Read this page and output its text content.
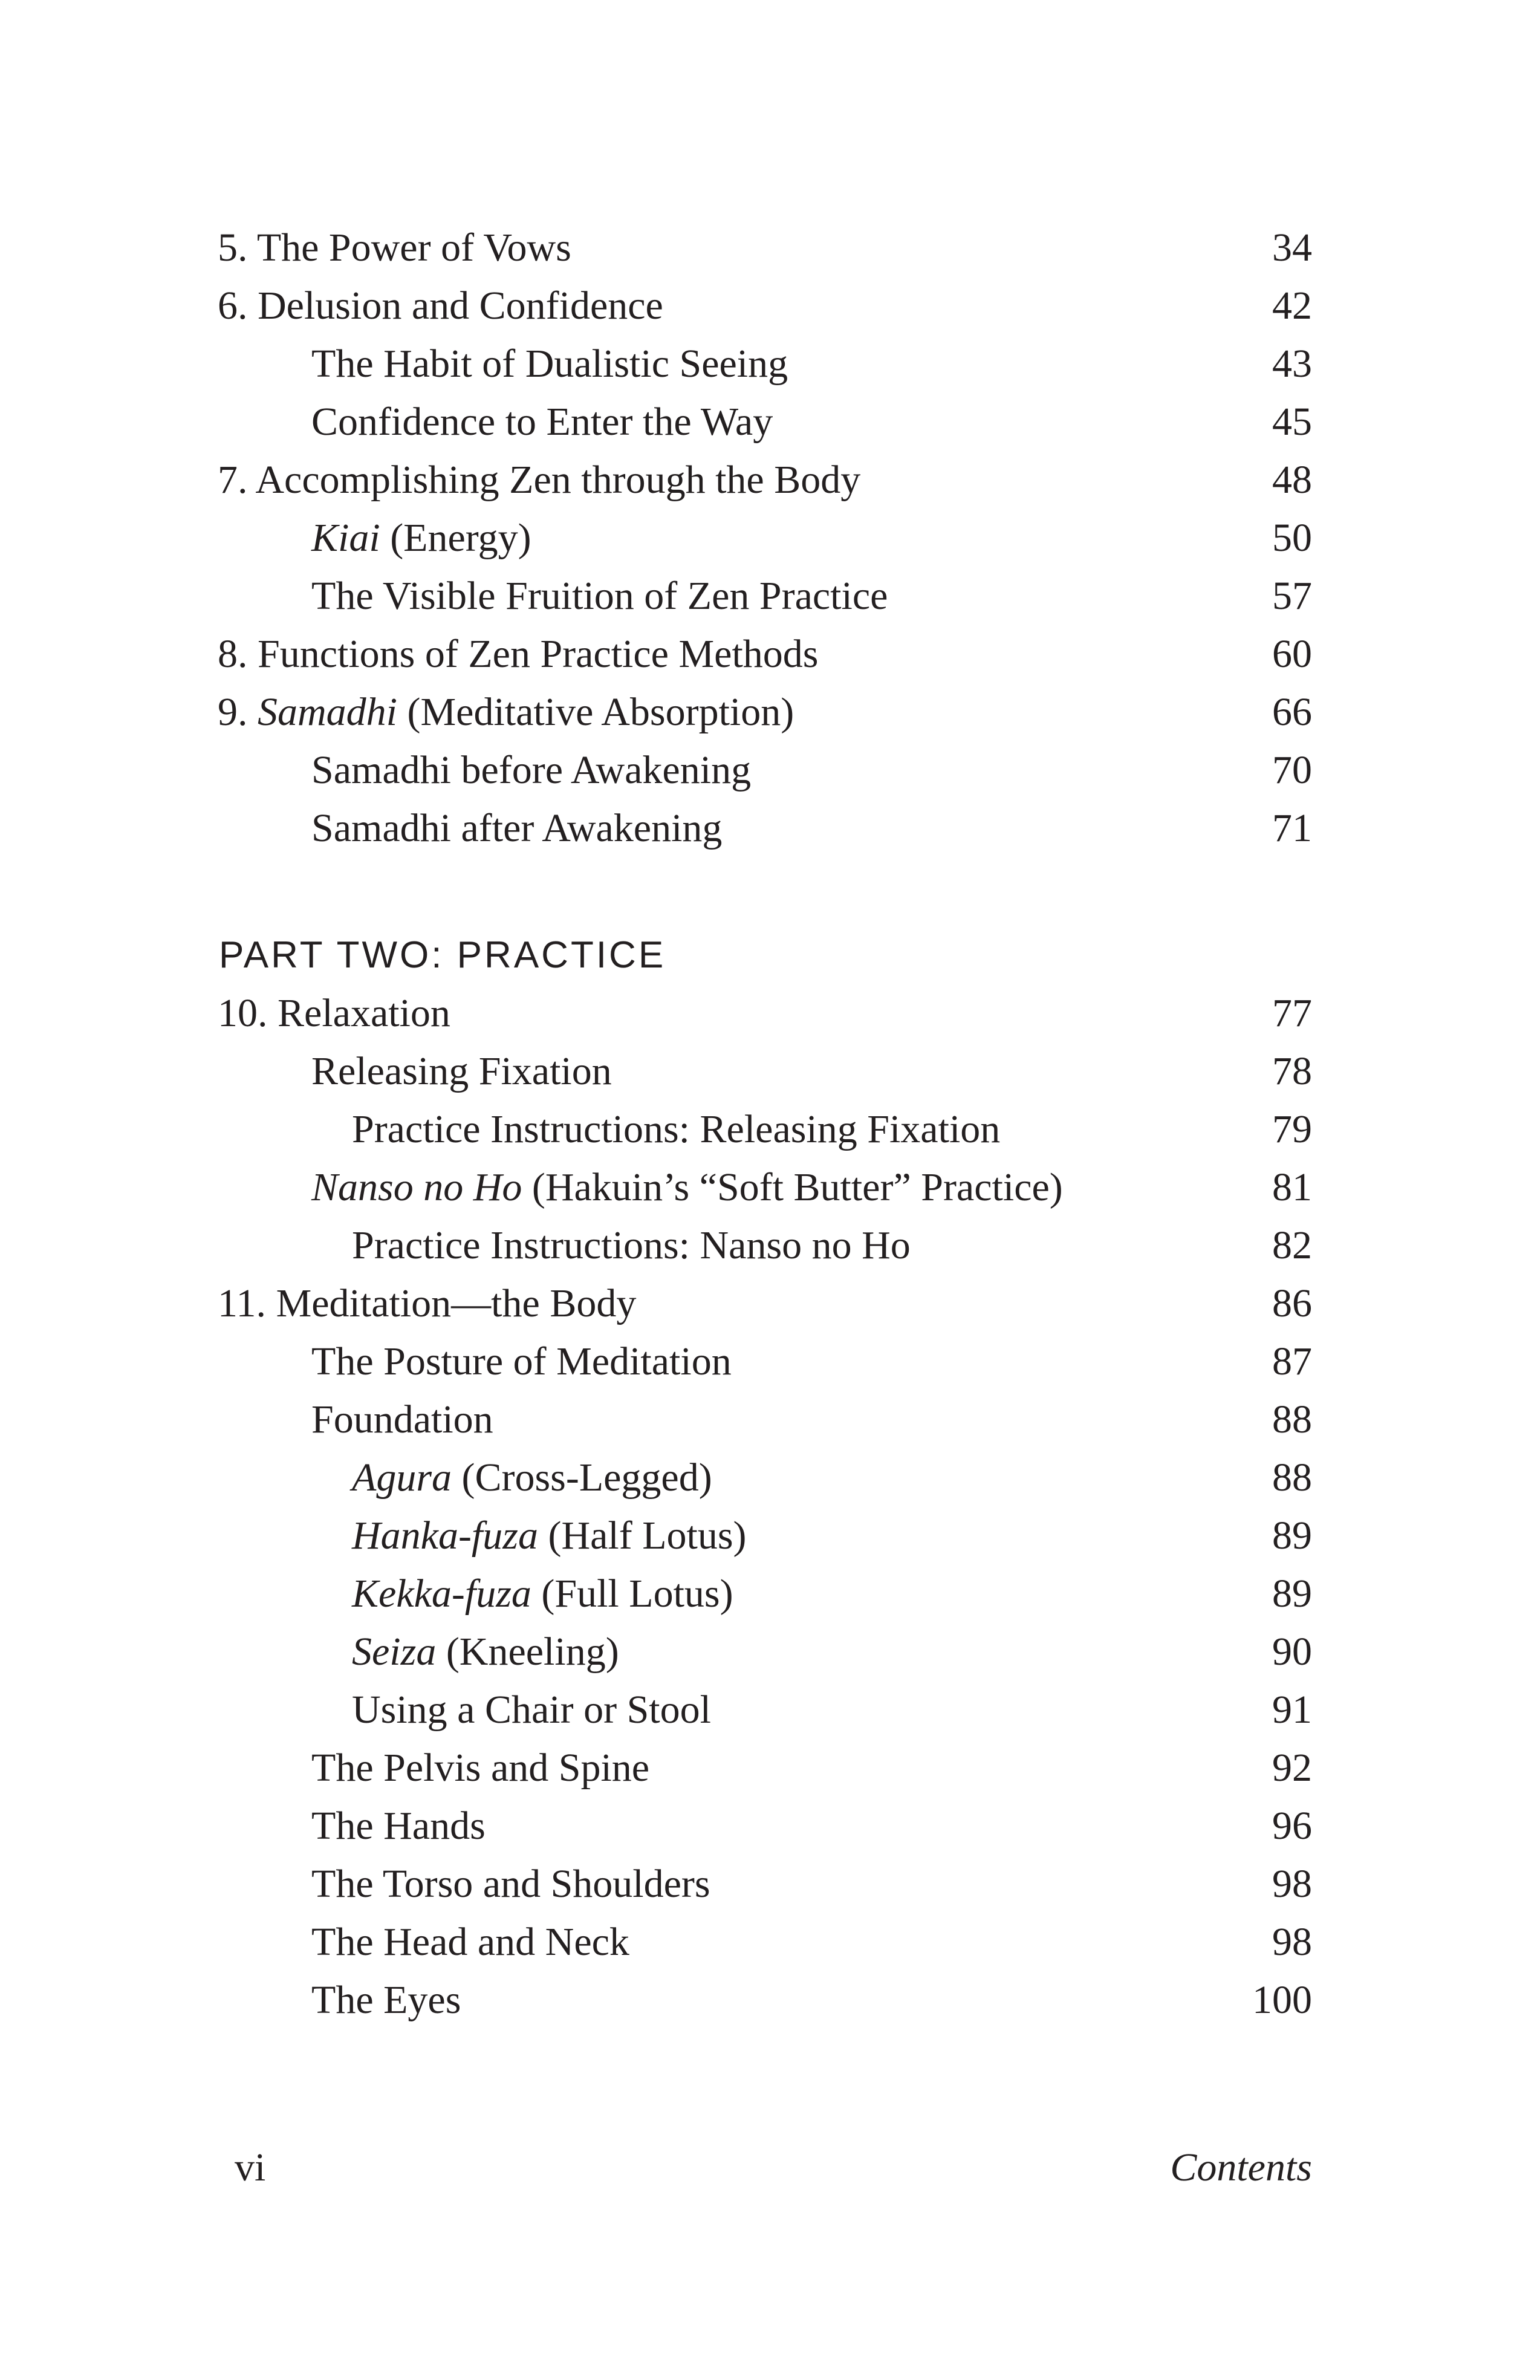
5. The Power of Vows	34
6. Delusion and Confidence	42
The Habit of Dualistic Seeing	43
Confidence to Enter the Way	45
7. Accomplishing Zen through the Body	48
Kiai (Energy)	50
The Visible Fruition of Zen Practice	57
8. Functions of Zen Practice Methods	60
9. Samadhi (Meditative Absorption)	66
Samadhi before Awakening	70
Samadhi after Awakening	71
PART TWO: PRACTICE
10. Relaxation	77
Releasing Fixation	78
Practice Instructions: Releasing Fixation	79
Nanso no Ho (Hakuin’s “Soft Butter” Practice)	81
Practice Instructions: Nanso no Ho	82
11. Meditation—the Body	86
The Posture of Meditation	87
Foundation	88
Agura (Cross-Legged)	88
Hanka-fuza (Half Lotus)	89
Kekka-fuza (Full Lotus)	89
Seiza (Kneeling)	90
Using a Chair or Stool	91
The Pelvis and Spine	92
The Hands	96
The Torso and Shoulders	98
The Head and Neck	98
The Eyes	100
vi	Contents
